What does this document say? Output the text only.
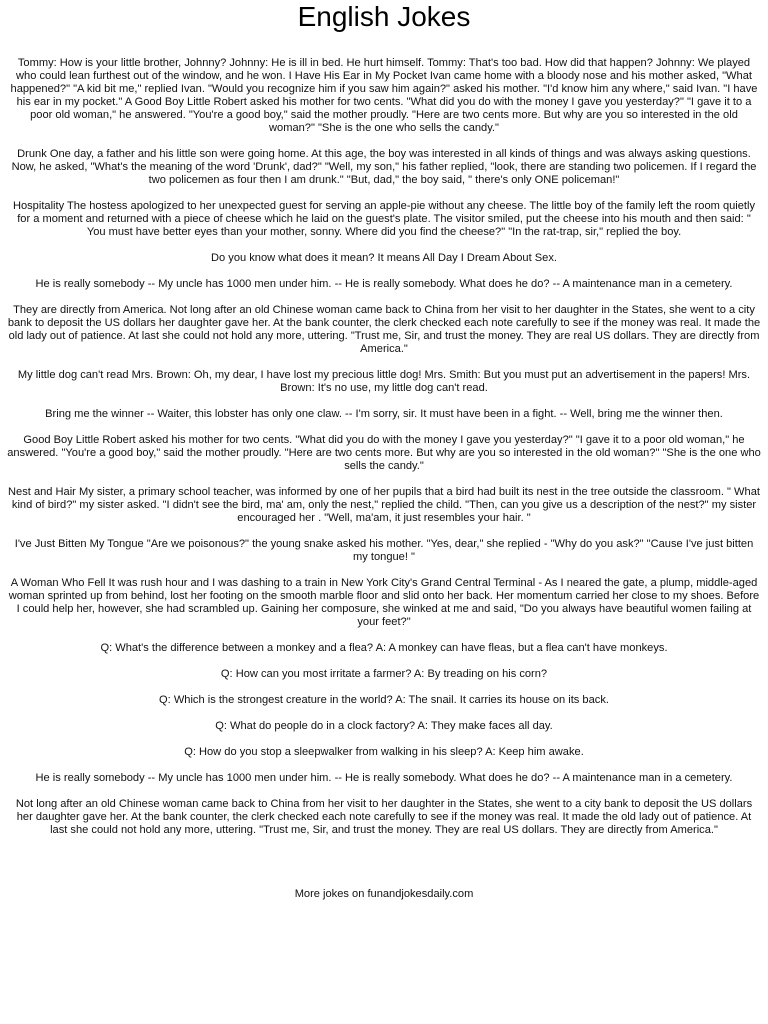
English Jokes

Tommy: How is your little brother, Johnny? Johnny: He is ill in bed. He hurt himself. Tommy: That's too bad. How did that happen? Johnny: We played who could lean furthest out of the window, and he won. I Have His Ear in My Pocket Ivan came home with a bloody nose and his mother asked, "What happened?" "A kid bit me," replied Ivan. "Would you recognize him if you saw him again?" asked his mother. "I'd know him any where," said Ivan. "I have his ear in my pocket." A Good Boy Little Robert asked his mother for two cents. "What did you do with the money I gave you yesterday?" "I gave it to a poor old woman," he answered. "You're a good boy," said the mother proudly. "Here are two cents more. But why are you so interested in the old woman?" "She is the one who sells the candy."

Drunk One day, a father and his little son were going home. At this age, the boy was interested in all kinds of things and was always asking questions. Now, he asked, "What's the meaning of the word 'Drunk', dad?" "Well, my son," his father replied, "look, there are standing two policemen. If I regard the two policemen as four then I am drunk." "But, dad," the boy said, " there's only ONE policeman!"

Hospitality The hostess apologized to her unexpected guest for serving an apple-pie without any cheese. The little boy of the family left the room quietly for a moment and returned with a piece of cheese which he laid on the guest's plate. The visitor smiled, put the cheese into his mouth and then said: " You must have better eyes than your mother, sonny. Where did you find the cheese?" "In the rat-trap, sir," replied the boy.

Do you know what does it mean? It means All Day I Dream About Sex.

He is really somebody -- My uncle has 1000 men under him. -- He is really somebody. What does he do? -- A maintenance man in a cemetery.

They are directly from America. Not long after an old Chinese woman came back to China from her visit to her daughter in the States, she went to a city bank to deposit the US dollars her daughter gave her. At the bank counter, the clerk checked each note carefully to see if the money was real. It made the old lady out of patience. At last she could not hold any more, uttering. "Trust me, Sir, and trust the money. They are real US dollars. They are directly from America."

My little dog can't read Mrs. Brown: Oh, my dear, I have lost my precious little dog! Mrs. Smith: But you must put an advertisement in the papers! Mrs. Brown: It's no use, my little dog can't read.

Bring me the winner -- Waiter, this lobster has only one claw. -- I'm sorry, sir. It must have been in a fight. -- Well, bring me the winner then.

Good Boy Little Robert asked his mother for two cents. "What did you do with the money I gave you yesterday?" "I gave it to a poor old woman," he answered. "You're a good boy," said the mother proudly. "Here are two cents more. But why are you so interested in the old woman?" "She is the one who sells the candy."

Nest and Hair My sister, a primary school teacher, was informed by one of her pupils that a bird had built its nest in the tree outside the classroom. " What kind of bird?" my sister asked. "I didn't see the bird, ma' am, only the nest," replied the child. "Then, can you give us a description of the nest?" my sister encouraged her . "Well, ma'am, it just resembles your hair. "

I've Just Bitten My Tongue "Are we poisonous?" the young snake asked his mother. "Yes, dear," she replied - "Why do you ask?" "Cause I've just bitten my tongue! "

A Woman Who Fell It was rush hour and I was dashing to a train in New York City's Grand Central Terminal - As I neared the gate, a plump, middle-aged woman sprinted up from behind, lost her footing on the smooth marble floor and slid onto her back. Her momentum carried her close to my shoes. Before I could help her, however, she had scrambled up. Gaining her composure, she winked at me and said, "Do you always have beautiful women failing at your feet?"

Q: What's the difference between a monkey and a flea? A: A monkey can have fleas, but a flea can't have monkeys.

Q: How can you most irritate a farmer? A: By treading on his corn?

Q: Which is the strongest creature in the world? A: The snail. It carries its house on its back.

Q: What do people do in a clock factory? A: They make faces all day.

Q: How do you stop a sleepwalker from walking in his sleep? A: Keep him awake.

He is really somebody -- My uncle has 1000 men under him. -- He is really somebody. What does he do? -- A maintenance man in a cemetery.

Not long after an old Chinese woman came back to China from her visit to her daughter in the States, she went to a city bank to deposit the US dollars her daughter gave her. At the bank counter, the clerk checked each note carefully to see if the money was real. It made the old lady out of patience. At last she could not hold any more, uttering. "Trust me, Sir, and trust the money. They are real US dollars. They are directly from America."

More jokes on funandjokesdaily.com
